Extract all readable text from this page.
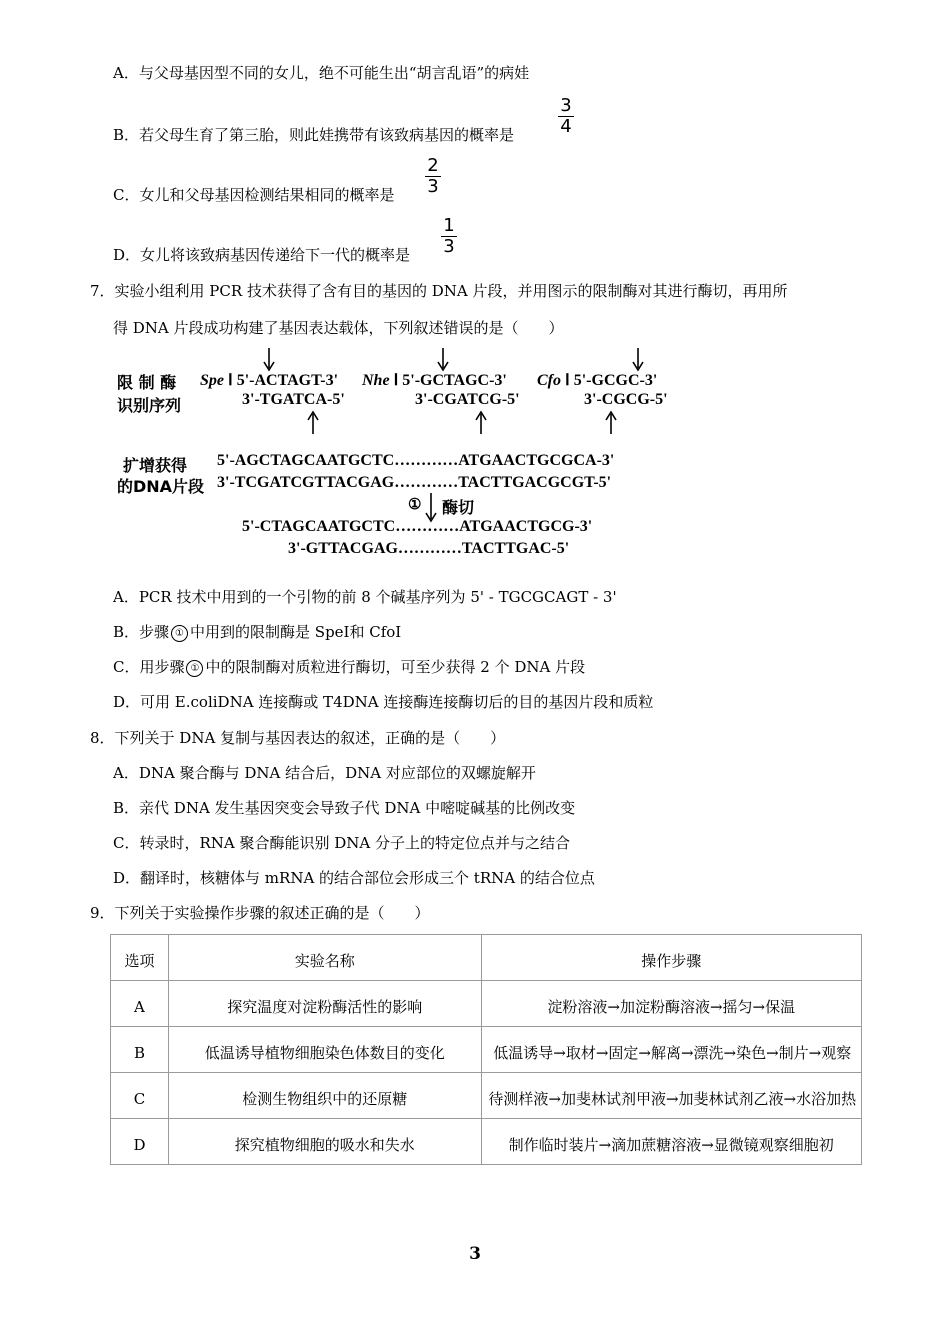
A．与父母基因型不同的女儿，绝不可能生出“胡言乱语”的病娃
B．若父母生育了第三胎，则此娃携带有该致病基因的概率是
3
4
C．女儿和父母基因检测结果相同的概率是
2
3
D．女儿将该致病基因传递给下一代的概率是
1
3
7．实验小组利用 PCR 技术获得了含有目的基因的 DNA 片段，并用图示的限制酶对其进行酶切，再用所
得 DNA 片段成功构建了基因表达载体，下列叙述错误的是（　　）
限 制 酶
识别序列
Spe Ⅰ 5'-ACTAGT-3'
3'-TGATCA-5'
Nhe Ⅰ 5'-GCTAGC-3'
3'-CGATCG-5'
Cfo Ⅰ 5'-GCGC-3'
3'-CGCG-5'
扩增获得
的DNA片段
5'-AGCTAGCAATGCTC…………ATGAACTGCGCA-3'
3'-TCGATCGTTACGAG…………TACTTGACGCGT-5'
① 酶切
5'-CTAGCAATGCTC…………ATGAACTGCG-3'
3'-GTTACGAG…………TACTTGAC-5'
A．PCR 技术中用到的一个引物的前 8 个碱基序列为 5' - TGCGCAGT - 3'
B．步骤 ① 中用到的限制酶是 SpeⅠ和 CfoⅠ
C．用步骤 ① 中的限制酶对质粒进行酶切，可至少获得 2 个 DNA 片段
D．可用 E.coliDNA 连接酶或 T4DNA 连接酶连接酶切后的目的基因片段和质粒
8．下列关于 DNA 复制与基因表达的叙述，正确的是（　　）
A．DNA 聚合酶与 DNA 结合后，DNA 对应部位的双螺旋解开
B．亲代 DNA 发生基因突变会导致子代 DNA 中嘧啶碱基的比例改变
C．转录时，RNA 聚合酶能识别 DNA 分子上的特定位点并与之结合
D．翻译时，核糖体与 mRNA 的结合部位会形成三个 tRNA 的结合位点
9．下列关于实验操作步骤的叙述正确的是（　　）
选项	实验名称	操作步骤
A	探究温度对淀粉酶活性的影响	淀粉溶液→加淀粉酶溶液→摇匀→保温
B	低温诱导植物细胞染色体数目的变化	低温诱导→取材→固定→解离→漂洗→染色→制片→观察
C	检测生物组织中的还原糖	待测样液→加斐林试剂甲液→加斐林试剂乙液→水浴加热
D	探究植物细胞的吸水和失水	制作临时装片→滴加蔗糖溶液→显微镜观察细胞初
3
